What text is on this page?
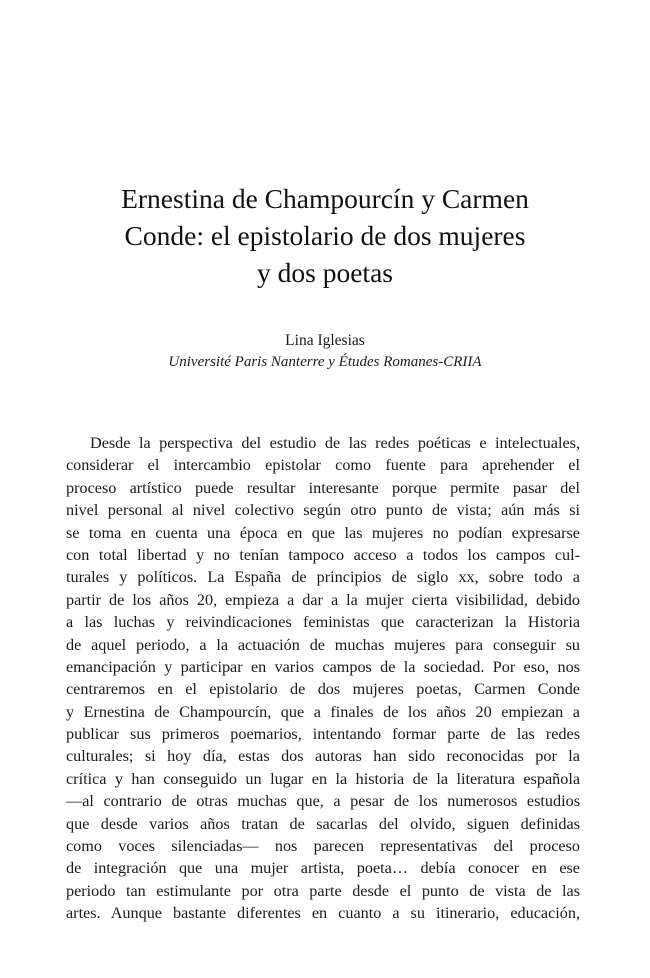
Ernestina de Champourcín y Carmen
Conde: el epistolario de dos mujeres
y dos poetas
Lina Iglesias
Université Paris Nanterre y Études Romanes-CRIIA
Desde la perspectiva del estudio de las redes poéticas e intelectuales,
considerar el intercambio epistolar como fuente para aprehender el
proceso artístico puede resultar interesante porque permite pasar del
nivel personal al nivel colectivo según otro punto de vista; aún más si
se toma en cuenta una época en que las mujeres no podían expresarse
con total libertad y no tenían tampoco acceso a todos los campos cul-
turales y políticos. La España de principios de siglo xx, sobre todo a
partir de los años 20, empieza a dar a la mujer cierta visibilidad, debido
a las luchas y reivindicaciones feministas que caracterizan la Historia
de aquel periodo, a la actuación de muchas mujeres para conseguir su
emancipación y participar en varios campos de la sociedad. Por eso, nos
centraremos en el epistolario de dos mujeres poetas, Carmen Conde
y Ernestina de Champourcín, que a finales de los años 20 empiezan a
publicar sus primeros poemarios, intentando formar parte de las redes
culturales; si hoy día, estas dos autoras han sido reconocidas por la
crítica y han conseguido un lugar en la historia de la literatura española
—al contrario de otras muchas que, a pesar de los numerosos estudios
que desde varios años tratan de sacarlas del olvido, siguen definidas
como voces silenciadas— nos parecen representativas del proceso
de integración que una mujer artista, poeta… debía conocer en ese
periodo tan estimulante por otra parte desde el punto de vista de las
artes. Aunque bastante diferentes en cuanto a su itinerario, educación,
